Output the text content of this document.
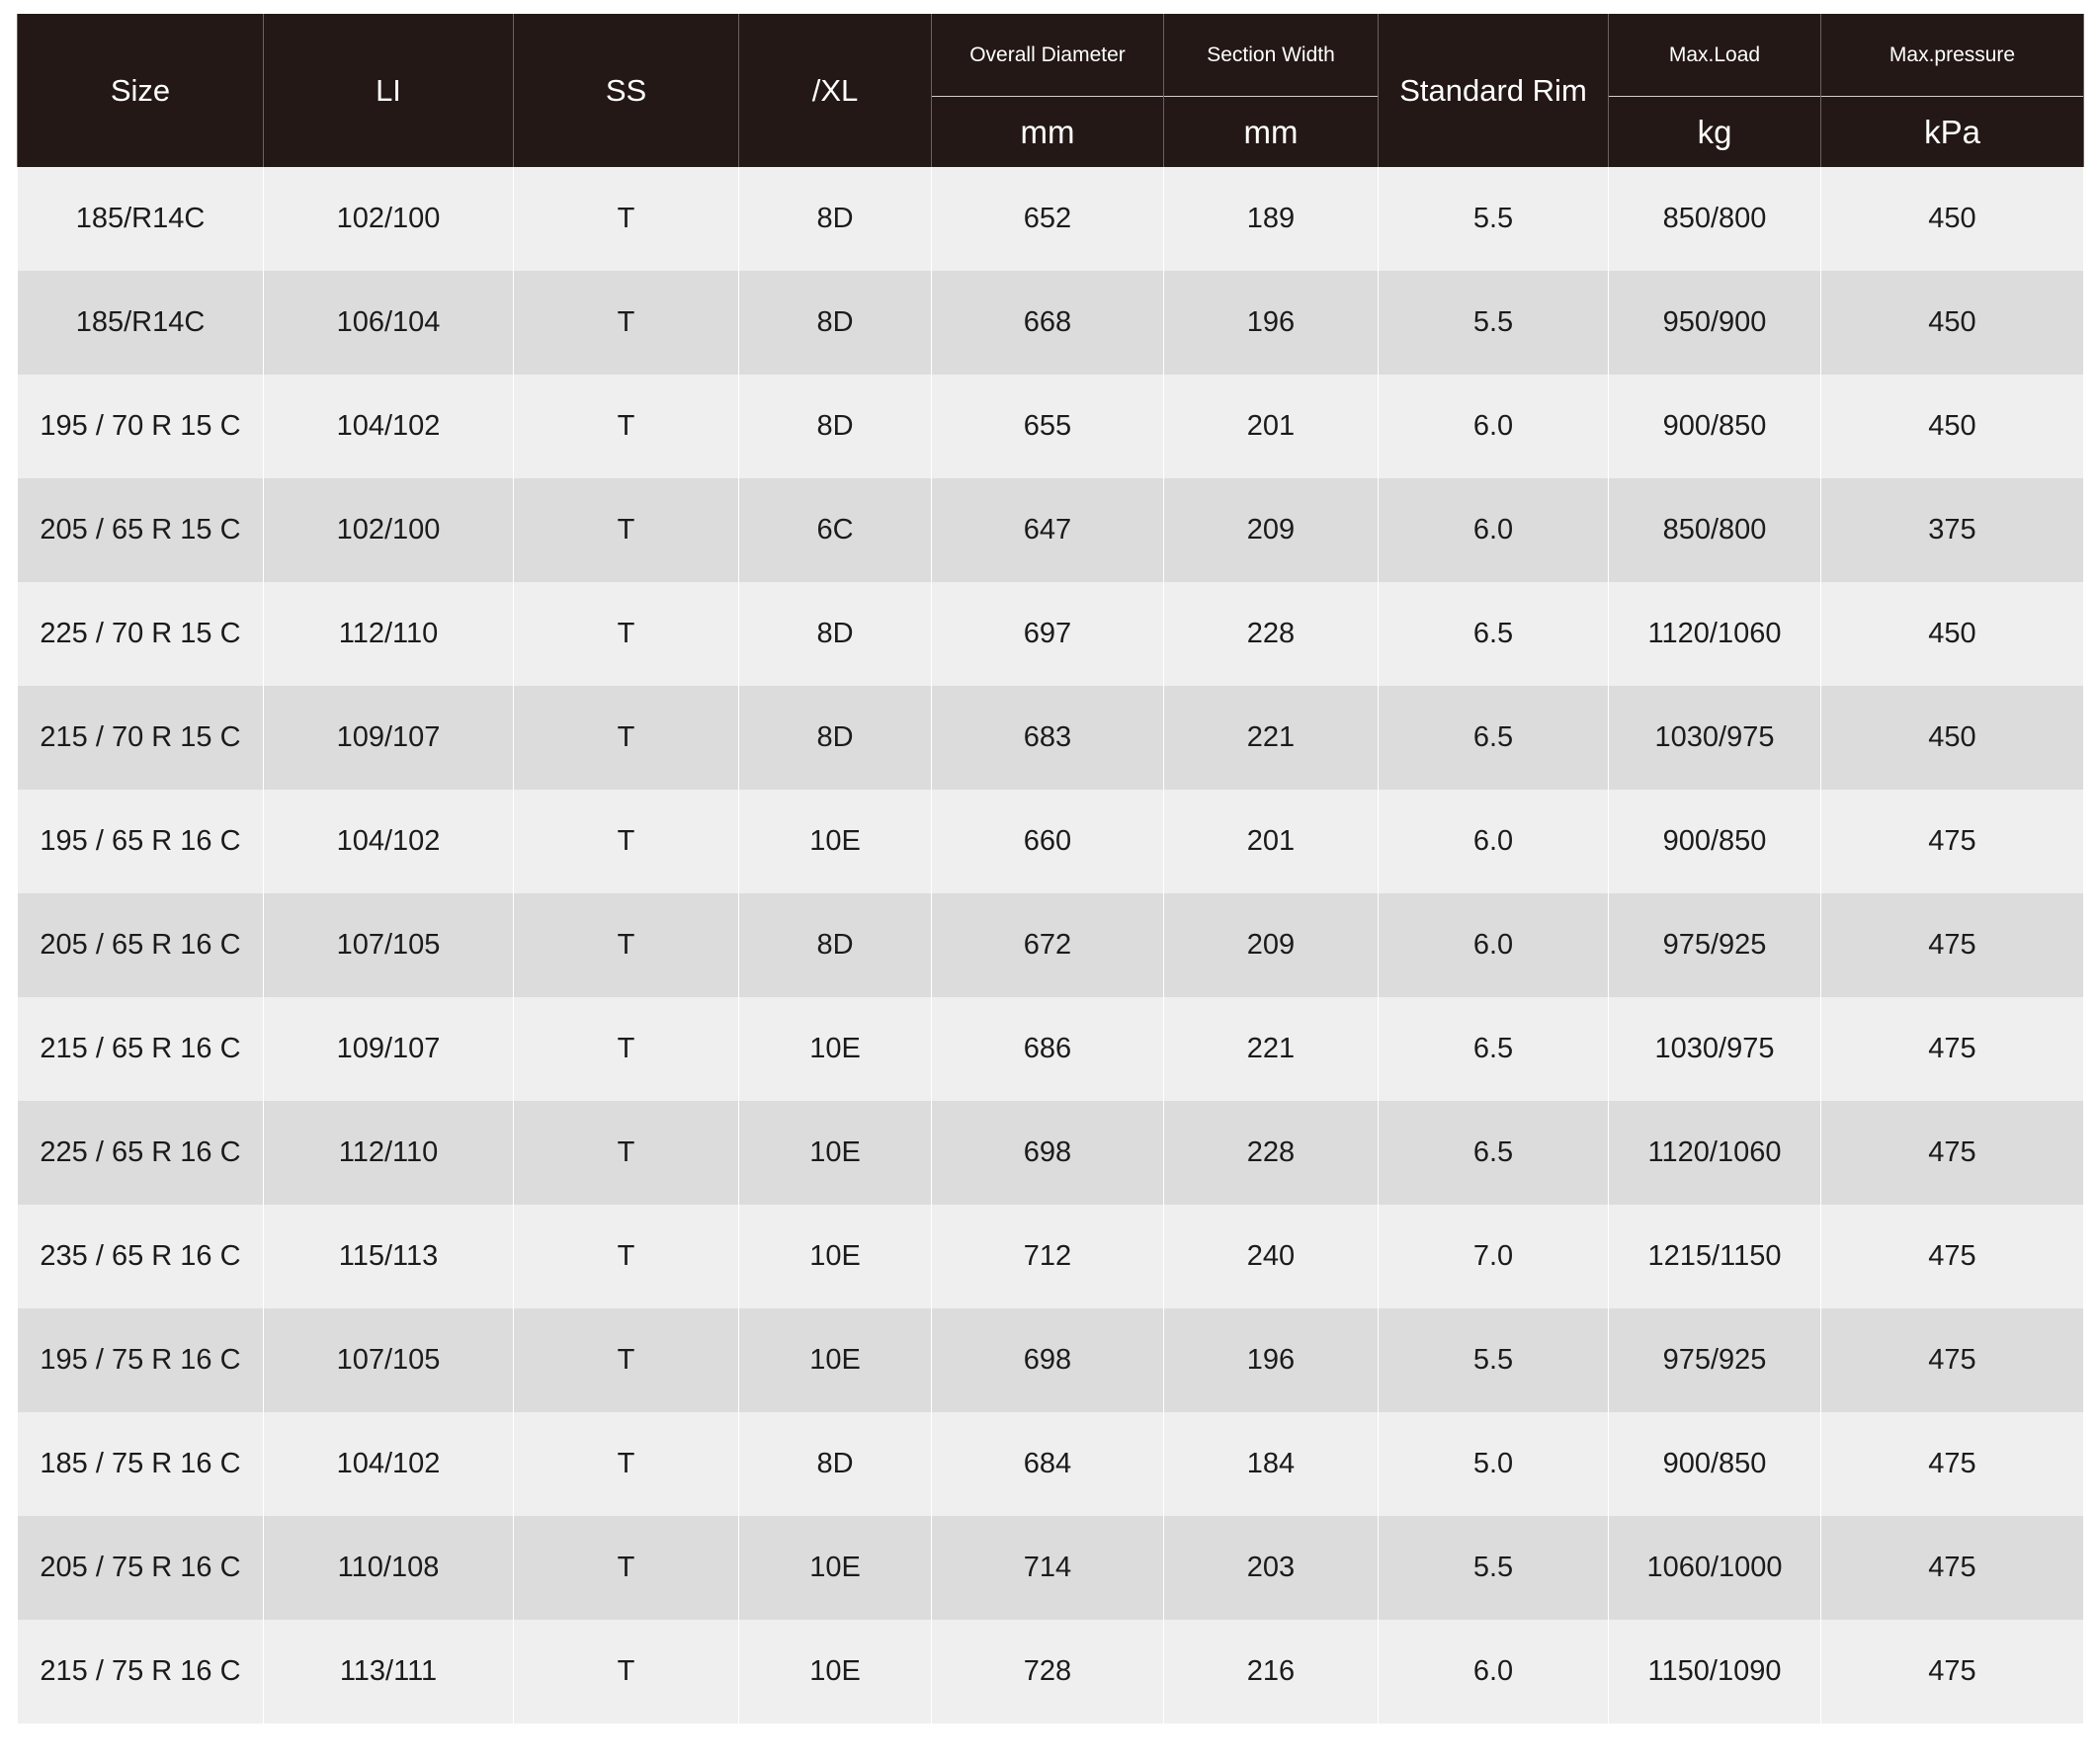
Size	LI	SS	/XL	Overall Diameter	Section Width	Standard Rim	Max.Load	Max.pressure
				mm	mm		kg	kPa
185/R14C	102/100	T	8D	652	189	5.5	850/800	450
185/R14C	106/104	T	8D	668	196	5.5	950/900	450
195 / 70 R 15 C	104/102	T	8D	655	201	6.0	900/850	450
205 / 65 R 15 C	102/100	T	6C	647	209	6.0	850/800	375
225 / 70 R 15 C	112/110	T	8D	697	228	6.5	1120/1060	450
215 / 70 R 15 C	109/107	T	8D	683	221	6.5	1030/975	450
195 / 65 R 16 C	104/102	T	10E	660	201	6.0	900/850	475
205 / 65 R 16 C	107/105	T	8D	672	209	6.0	975/925	475
215 / 65 R 16 C	109/107	T	10E	686	221	6.5	1030/975	475
225 / 65 R 16 C	112/110	T	10E	698	228	6.5	1120/1060	475
235 / 65 R 16 C	115/113	T	10E	712	240	7.0	1215/1150	475
195 / 75 R 16 C	107/105	T	10E	698	196	5.5	975/925	475
185 / 75 R 16 C	104/102	T	8D	684	184	5.0	900/850	475
205 / 75 R 16 C	110/108	T	10E	714	203	5.5	1060/1000	475
215 / 75 R 16 C	113/111	T	10E	728	216	6.0	1150/1090	475
